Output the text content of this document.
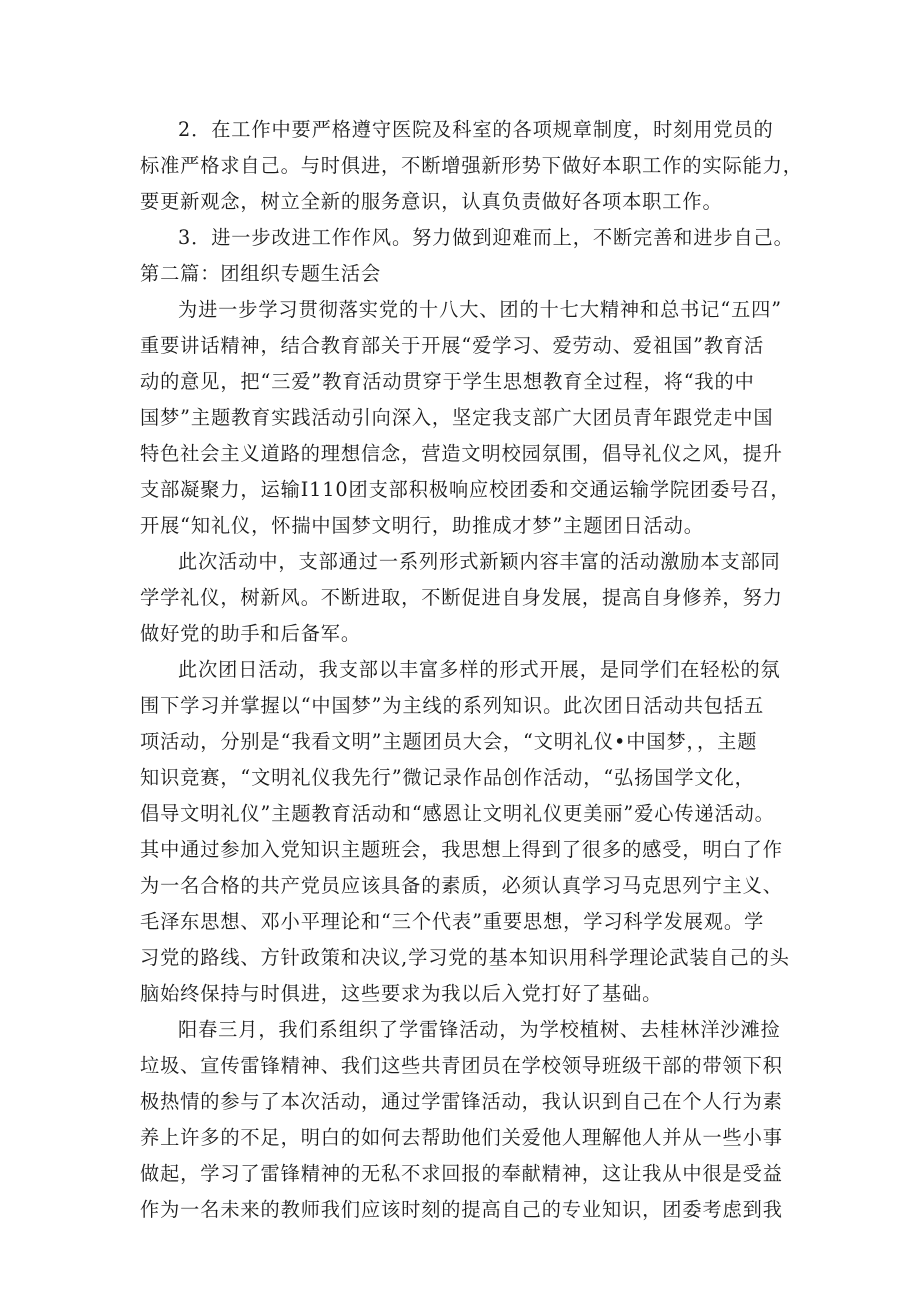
2．在工作中要严格遵守医院及科室的各项规章制度，时刻用党员的
标准严格求自己。与时俱进，不断增强新形势下做好本职工作的实际能力，
要更新观念，树立全新的服务意识，认真负责做好各项本职工作。
3．进一步改进工作作风。努力做到迎难而上，不断完善和进步自己。
第二篇：团组织专题生活会
为进一步学习贯彻落实党的十八大、团的十七大精神和总书记“五四”
重要讲话精神，结合教育部关于开展“爱学习、爱劳动、爱祖国”教育活
动的意见，把“三爱”教育活动贯穿于学生思想教育全过程，将“我的中
国梦”主题教育实践活动引向深入，坚定我支部广大团员青年跟党走中国
特色社会主义道路的理想信念，营造文明校园氛围，倡导礼仪之风，提升
支部凝聚力，运输I110团支部积极响应校团委和交通运输学院团委号召，
开展“知礼仪，怀揣中国梦文明行，助推成才梦”主题团日活动。
此次活动中，支部通过一系列形式新颖内容丰富的活动激励本支部同
学学礼仪，树新风。不断进取，不断促进自身发展，提高自身修养，努力
做好党的助手和后备军。
此次团日活动，我支部以丰富多样的形式开展，是同学们在轻松的氛
围下学习并掌握以“中国梦”为主线的系列知识。此次团日活动共包括五
项活动，分别是“我看文明”主题团员大会，“文明礼仪•中国梦，，主题
知识竞赛，“文明礼仪我先行”微记录作品创作活动，“弘扬国学文化，
倡导文明礼仪”主题教育活动和“感恩让文明礼仪更美丽”爱心传递活动。
其中通过参加入党知识主题班会，我思想上得到了很多的感受，明白了作
为一名合格的共产党员应该具备的素质，必须认真学习马克思列宁主义、
毛泽东思想、邓小平理论和“三个代表”重要思想，学习科学发展观。学
习党的路线、方针政策和决议,学习党的基本知识用科学理论武装自己的头
脑始终保持与时俱进，这些要求为我以后入党打好了基础。
阳春三月，我们系组织了学雷锋活动，为学校植树、去桂林洋沙滩捡
垃圾、宣传雷锋精神、我们这些共青团员在学校领导班级干部的带领下积
极热情的参与了本次活动，通过学雷锋活动，我认识到自己在个人行为素
养上许多的不足，明白的如何去帮助他们关爱他人理解他人并从一些小事
做起，学习了雷锋精神的无私不求回报的奉献精神，这让我从中很是受益
作为一名未来的教师我们应该时刻的提高自己的专业知识，团委考虑到我
